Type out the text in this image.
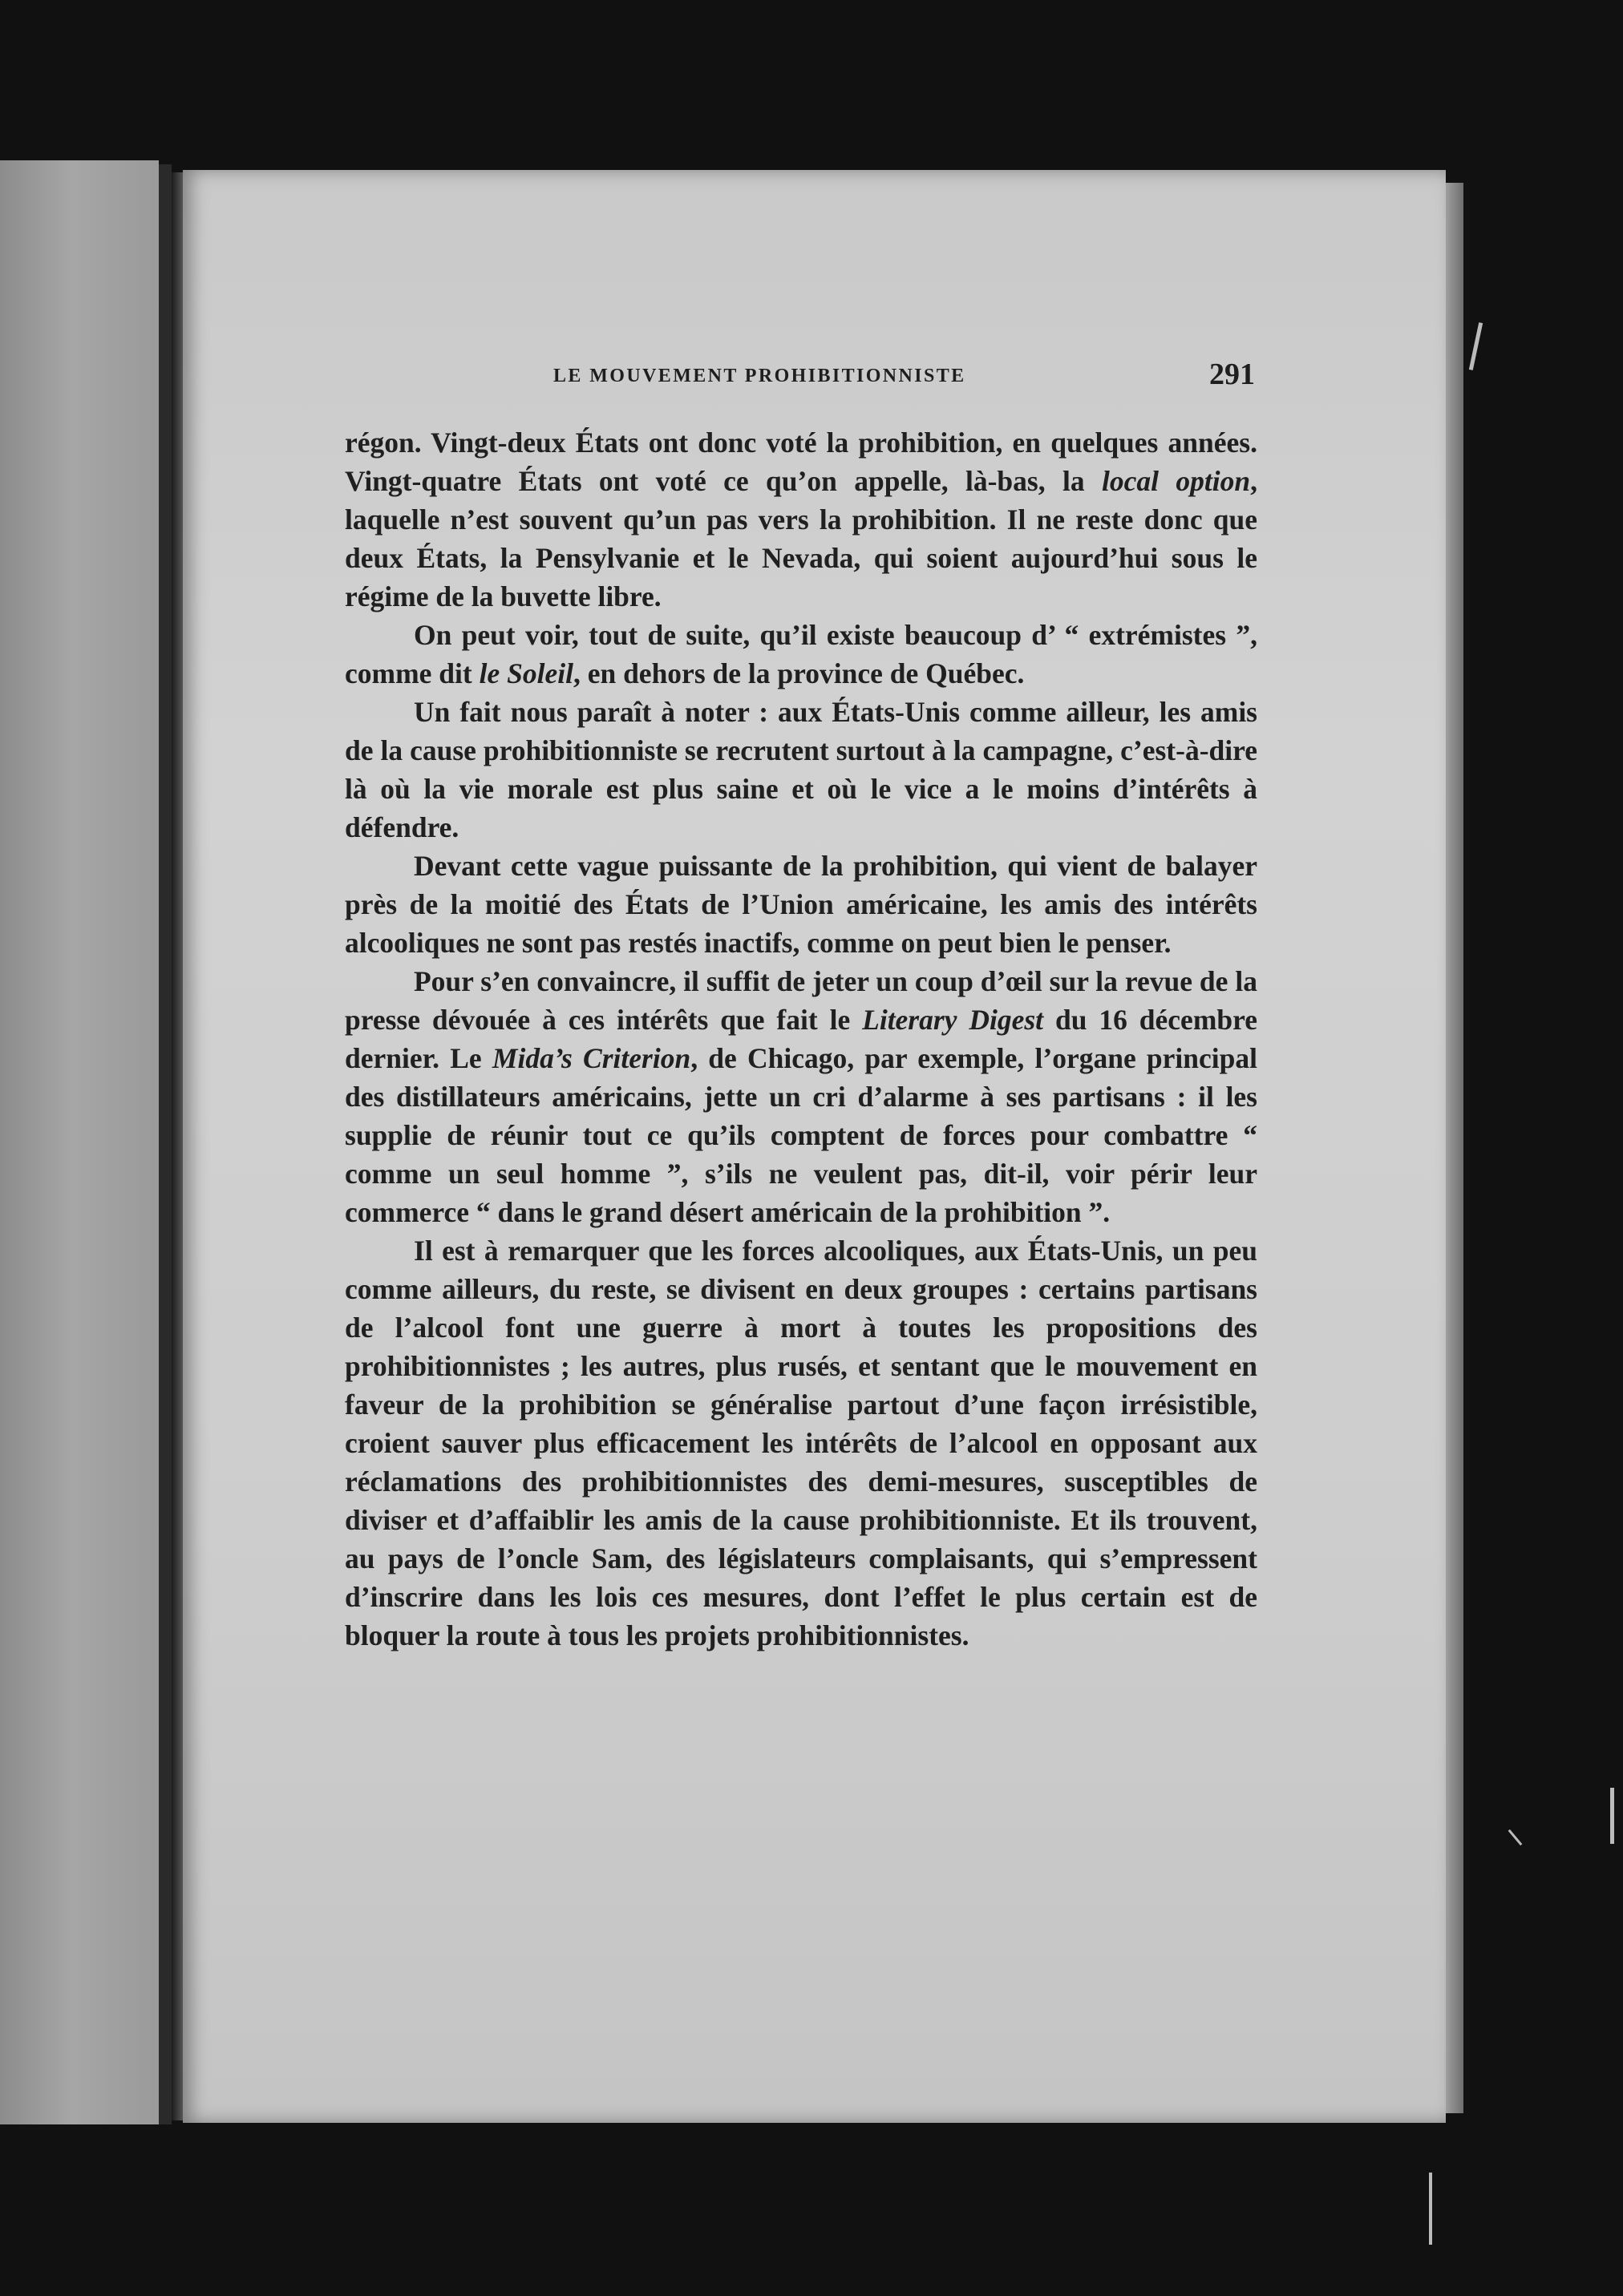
LE MOUVEMENT PROHIBITIONNISTE	291

régon. Vingt-deux États ont donc voté la prohibition, en quelques années. Vingt-quatre États ont voté ce qu’on appelle, là-bas, la local option, laquelle n’est souvent qu’un pas vers la prohibition. Il ne reste donc que deux États, la Pensylvanie et le Nevada, qui soient aujourd’hui sous le régime de la buvette libre.

On peut voir, tout de suite, qu’il existe beaucoup d’ “ extrémistes ”, comme dit le Soleil, en dehors de la province de Québec.

Un fait nous paraît à noter : aux États-Unis comme ailleur, les amis de la cause prohibitionniste se recrutent surtout à la campagne, c’est-à-dire là où la vie morale est plus saine et où le vice a le moins d’intérêts à défendre.

Devant cette vague puissante de la prohibition, qui vient de balayer près de la moitié des États de l’Union américaine, les amis des intérêts alcooliques ne sont pas restés inactifs, comme on peut bien le penser.

Pour s’en convaincre, il suffit de jeter un coup d’œil sur la revue de la presse dévouée à ces intérêts que fait le Literary Digest du 16 décembre dernier. Le Mida’s Criterion, de Chicago, par exemple, l’organe principal des distillateurs américains, jette un cri d’alarme à ses partisans : il les supplie de réunir tout ce qu’ils comptent de forces pour combattre “ comme un seul homme ”, s’ils ne veulent pas, dit-il, voir périr leur commerce “ dans le grand désert américain de la prohibition ”.

Il est à remarquer que les forces alcooliques, aux États-Unis, un peu comme ailleurs, du reste, se divisent en deux groupes : certains partisans de l’alcool font une guerre à mort à toutes les propositions des prohibitionnistes ; les autres, plus rusés, et sentant que le mouvement en faveur de la prohibition se généralise partout d’une façon irrésistible, croient sauver plus efficacement les intérêts de l’alcool en opposant aux réclamations des prohibitionnistes des demi-mesures, susceptibles de diviser et d’affaiblir les amis de la cause prohibitionniste. Et ils trouvent, au pays de l’oncle Sam, des législateurs complaisants, qui s’empressent d’inscrire dans les lois ces mesures, dont l’effet le plus certain est de bloquer la route à tous les projets prohibitionnistes.
